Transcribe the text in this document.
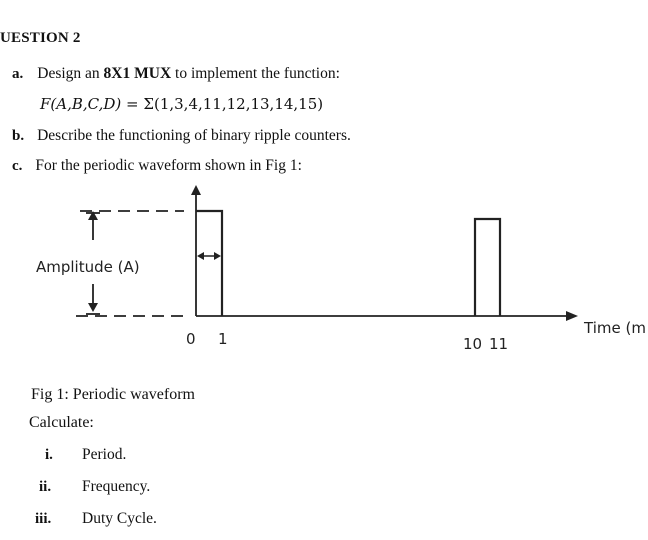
UESTION 2
a. Design an 8X1 MUX to implement the function:
F(A,B,C,D) = Σ(1,3,4,11,12,13,14,15)
b. Describe the functioning of binary ripple counters.
c. For the periodic waveform shown in Fig 1:
Amplitude (A)
Time (m
0 1	10 11
Fig 1: Periodic waveform
Calculate:
i. Period.
ii. Frequency.
iii. Duty Cycle.
